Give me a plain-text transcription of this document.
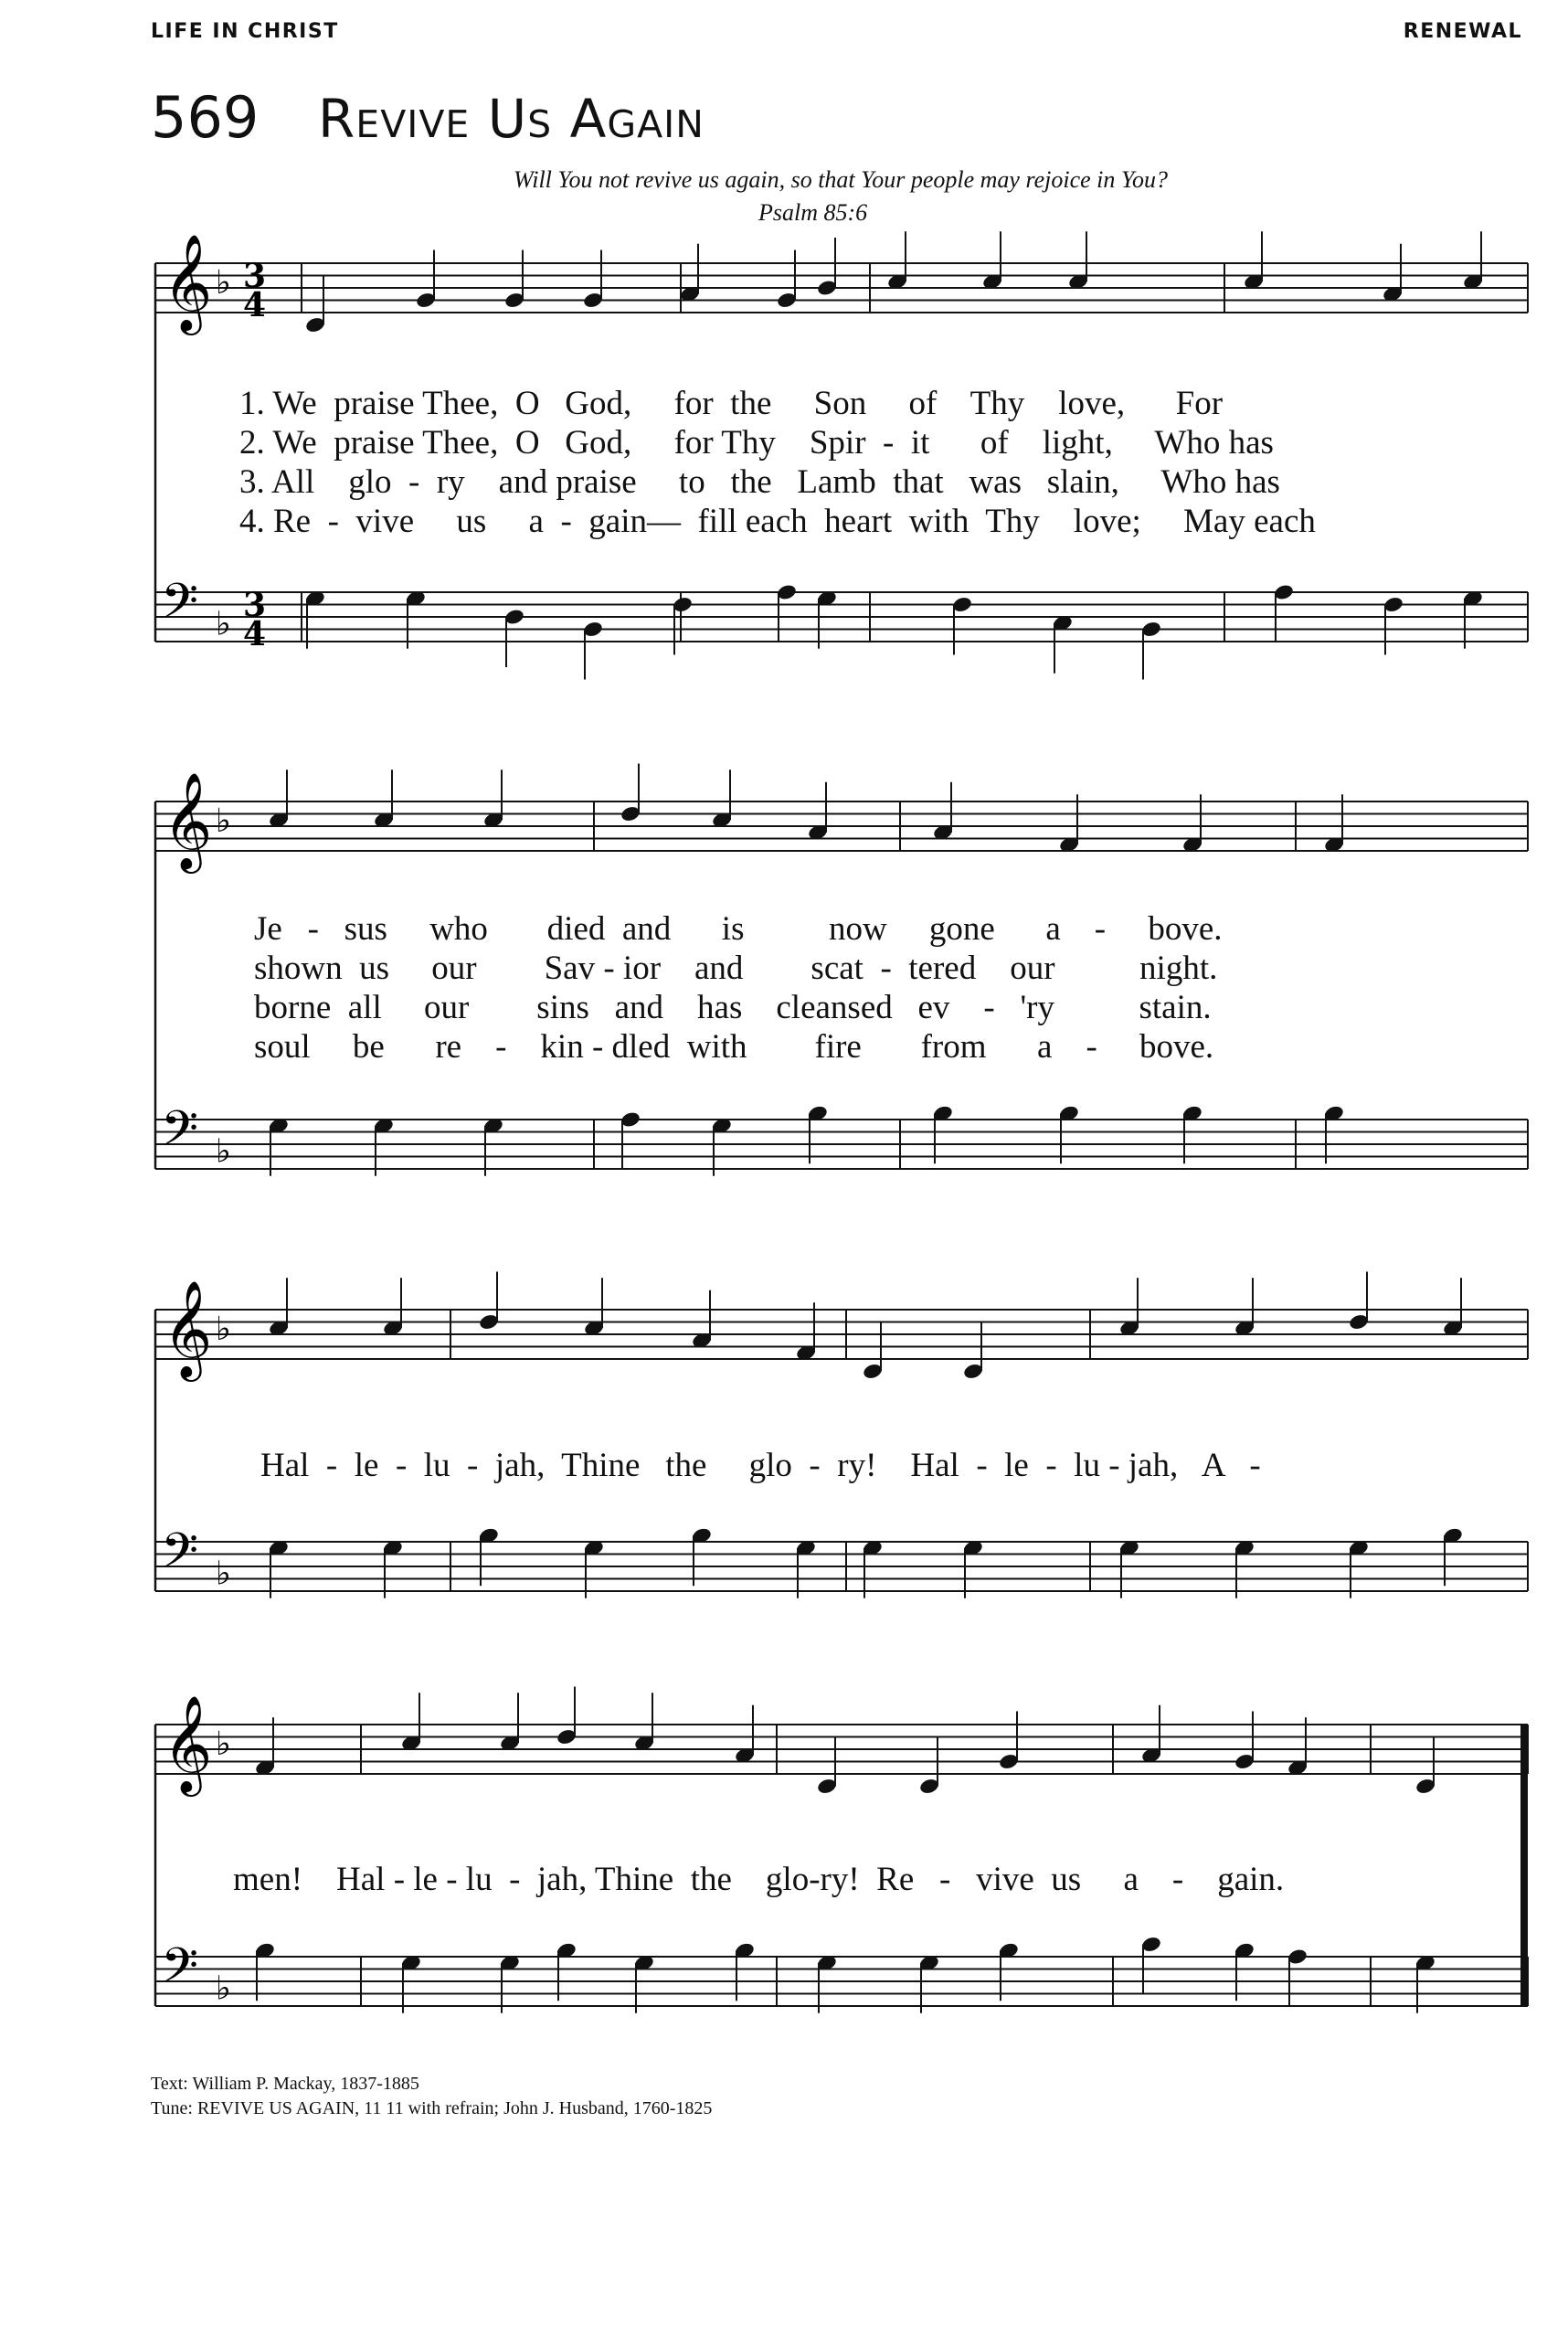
LIFE IN CHRIST	RENEWAL
569 Revive Us Again
Will You not revive us again, so that Your people may rejoice in You?
Psalm 85:6
𝄞
𝄢
♭
♭
3
4
3
4
𝄞
𝄢
♭
♭
𝄞
𝄢
♭
♭
𝄞
𝄢
♭
♭
1. We  praise Thee,  O   God,     for  the     Son     of    Thy    love,      For
2. We  praise Thee,  O   God,     for Thy    Spir  -  it      of    light,     Who has
3. All    glo  -  ry    and praise     to   the   Lamb  that   was   slain,     Who has
4. Re  -  vive     us     a  -  gain—  fill each  heart  with  Thy    love;     May each
Je   -   sus     who       died  and      is          now     gone      a    -     bove.
shown  us     our        Sav - ior    and        scat  -  tered    our          night.
borne  all     our        sins   and    has    cleansed   ev    -   'ry          stain.
soul     be      re    -    kin - dled  with        fire       from      a    -     bove.
Hal  -  le  -  lu  -  jah,  Thine   the     glo  -  ry!    Hal  -  le  -  lu - jah,   A   -
men!    Hal - le - lu  -  jah, Thine  the    glo-ry!  Re   -   vive  us     a    -    gain.
Text: William P. Mackay, 1837-1885
Tune: REVIVE US AGAIN, 11 11 with refrain; John J. Husband, 1760-1825
